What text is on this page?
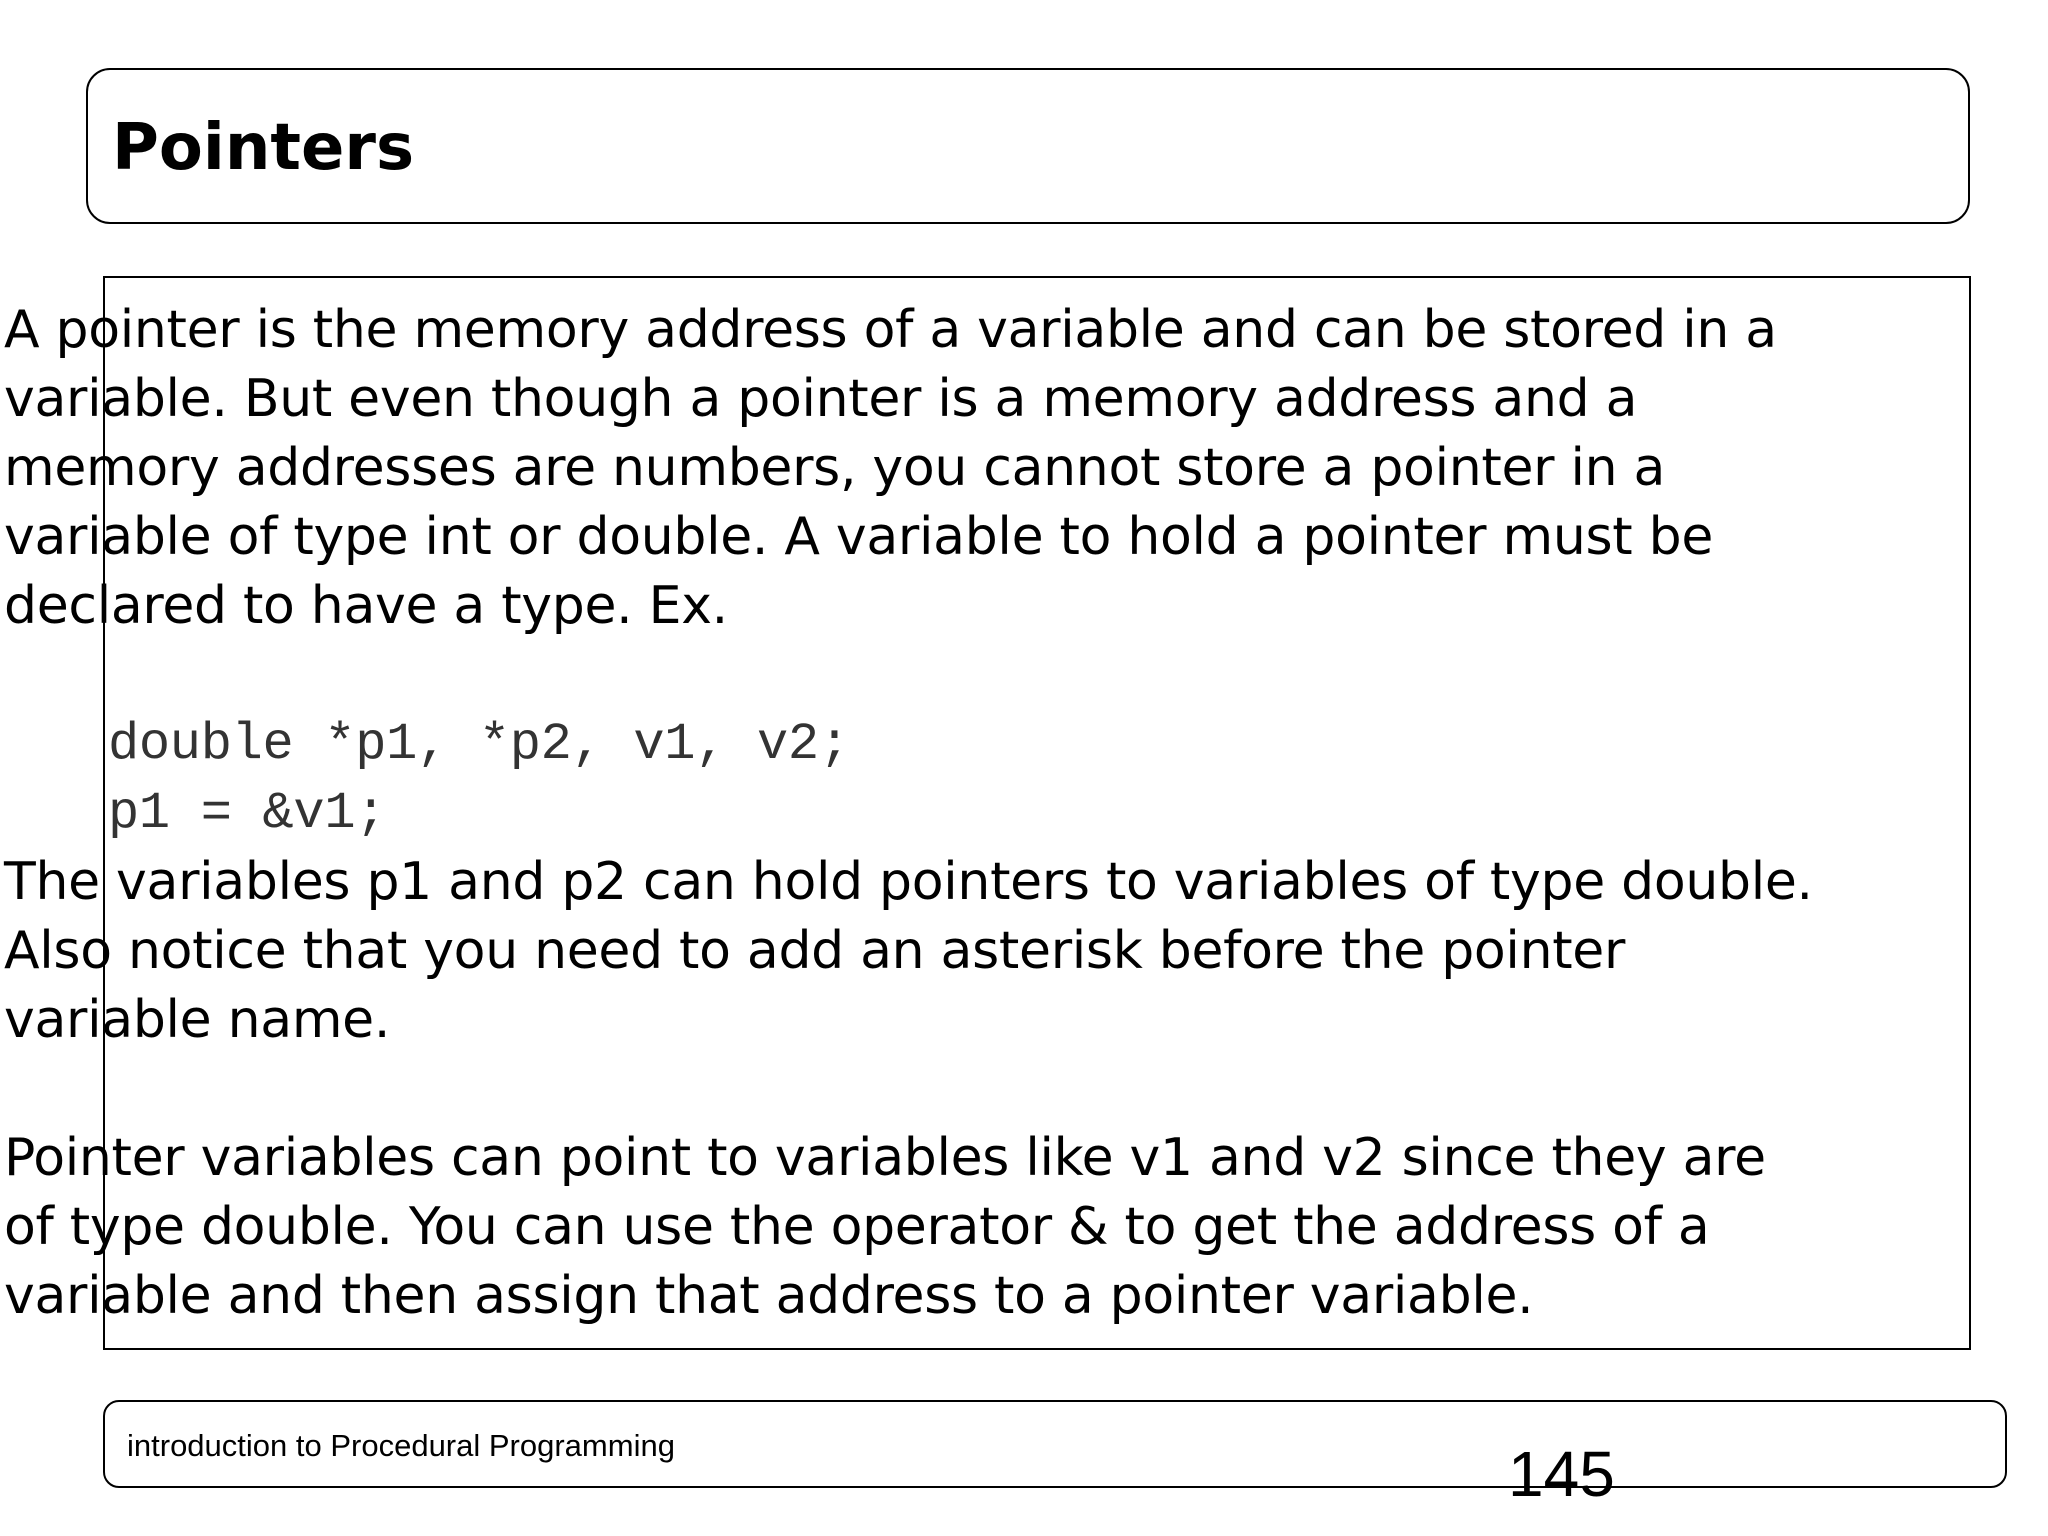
Pointers

A pointer is the memory address of a variable and can be stored in a
variable. But even though a pointer is a memory address and a
memory addresses are numbers, you cannot store a pointer in a
variable of type int or double. A variable to hold a pointer must be
declared to have a type. Ex.

double *p1, *p2, v1, v2;
p1 = &v1;

The variables p1 and p2 can hold pointers to variables of type double.
Also notice that you need to add an asterisk before the pointer
variable name.

Pointer variables can point to variables like v1 and v2 since they are
of type double. You can use the operator & to get the address of a
variable and then assign that address to a pointer variable.

introduction to Procedural Programming	145
